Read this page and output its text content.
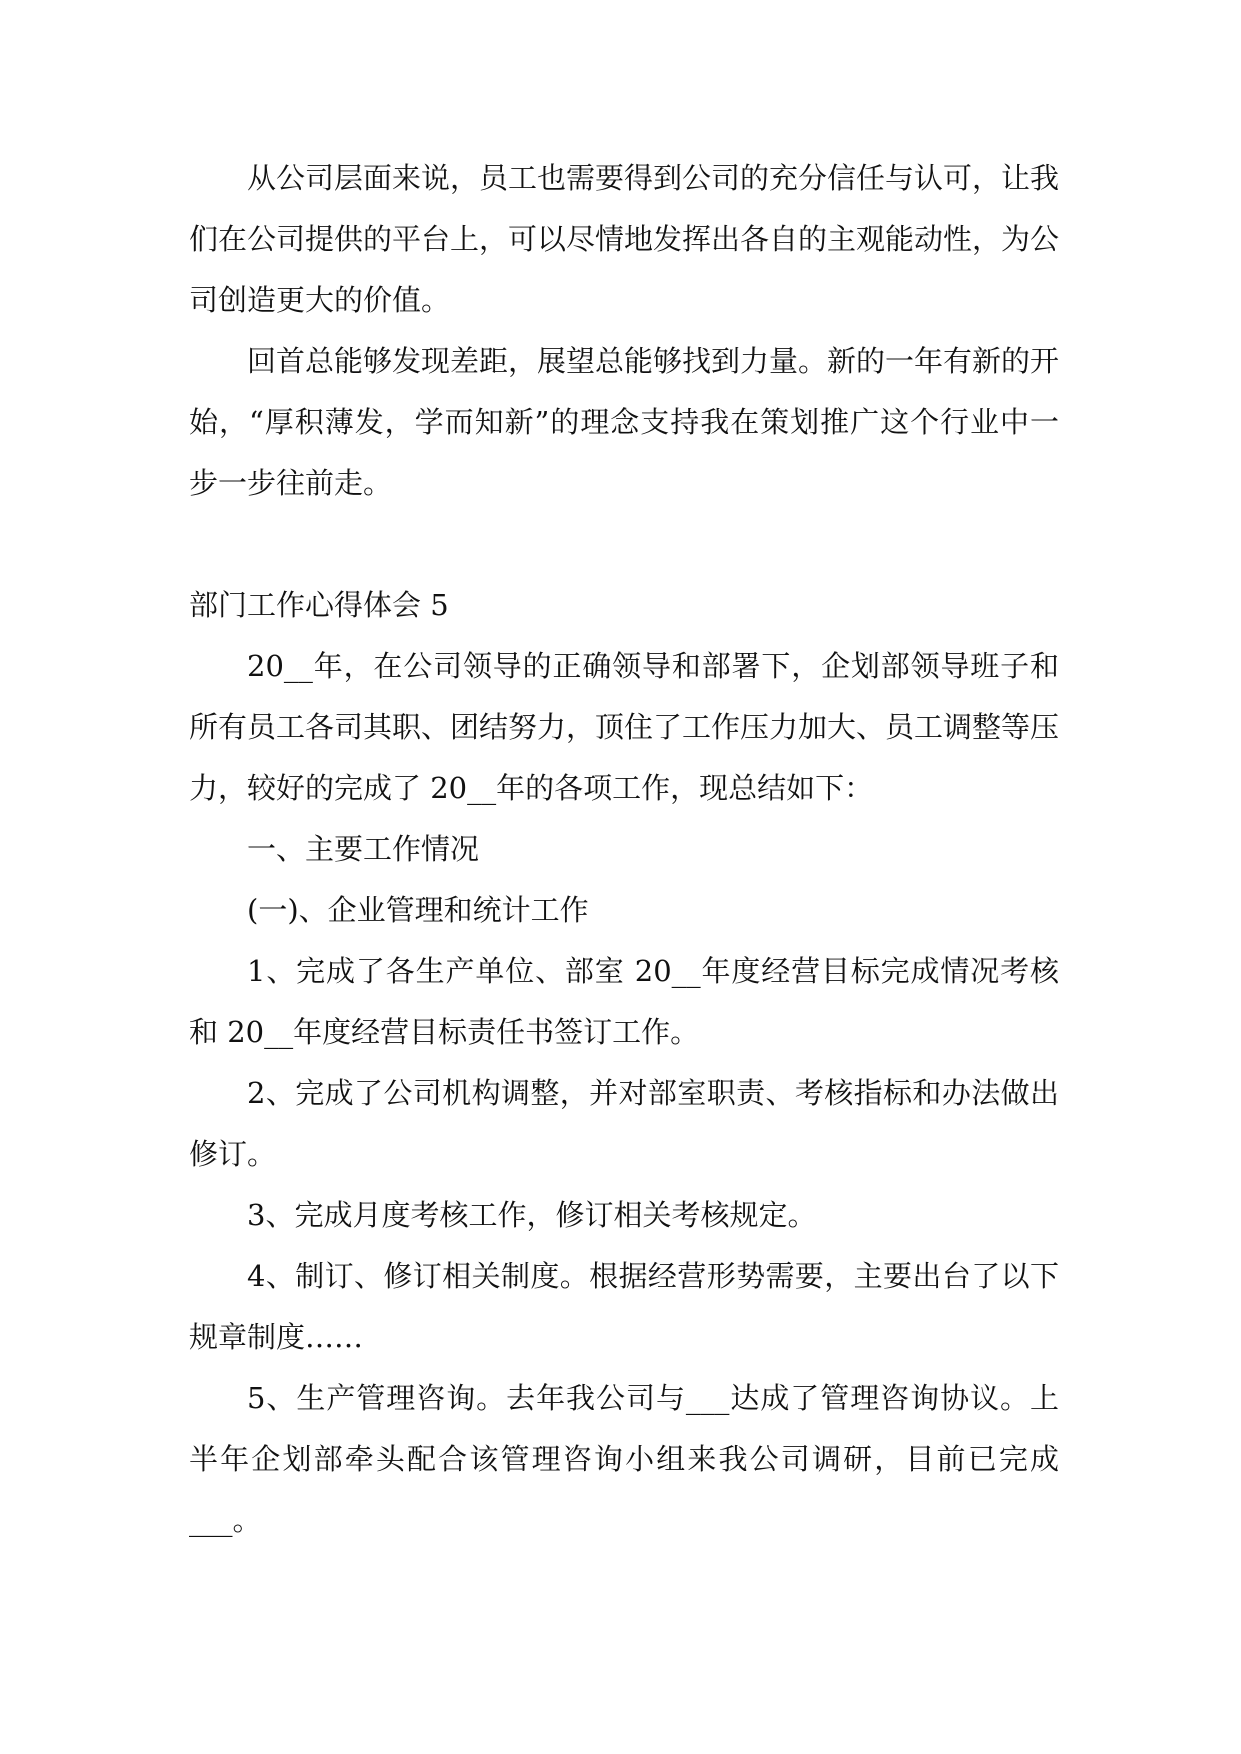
从公司层面来说，员工也需要得到公司的充分信任与认可，让我们在公司提供的平台上，可以尽情地发挥出各自的主观能动性，为公司创造更大的价值。

回首总能够发现差距，展望总能够找到力量。新的一年有新的开始，“厚积薄发，学而知新”的理念支持我在策划推广这个行业中一步一步往前走。

部门工作心得体会 5

20__年，在公司领导的正确领导和部署下，企划部领导班子和所有员工各司其职、团结努力，顶住了工作压力加大、员工调整等压力，较好的完成了 20__年的各项工作，现总结如下：

一、主要工作情况

(一)、企业管理和统计工作

1、完成了各生产单位、部室 20__年度经营目标完成情况考核和 20__年度经营目标责任书签订工作。

2、完成了公司机构调整，并对部室职责、考核指标和办法做出修订。

3、完成月度考核工作，修订相关考核规定。

4、制订、修订相关制度。根据经营形势需要，主要出台了以下规章制度……

5、生产管理咨询。去年我公司与___达成了管理咨询协议。上半年企划部牵头配合该管理咨询小组来我公司调研，目前已完成___。
